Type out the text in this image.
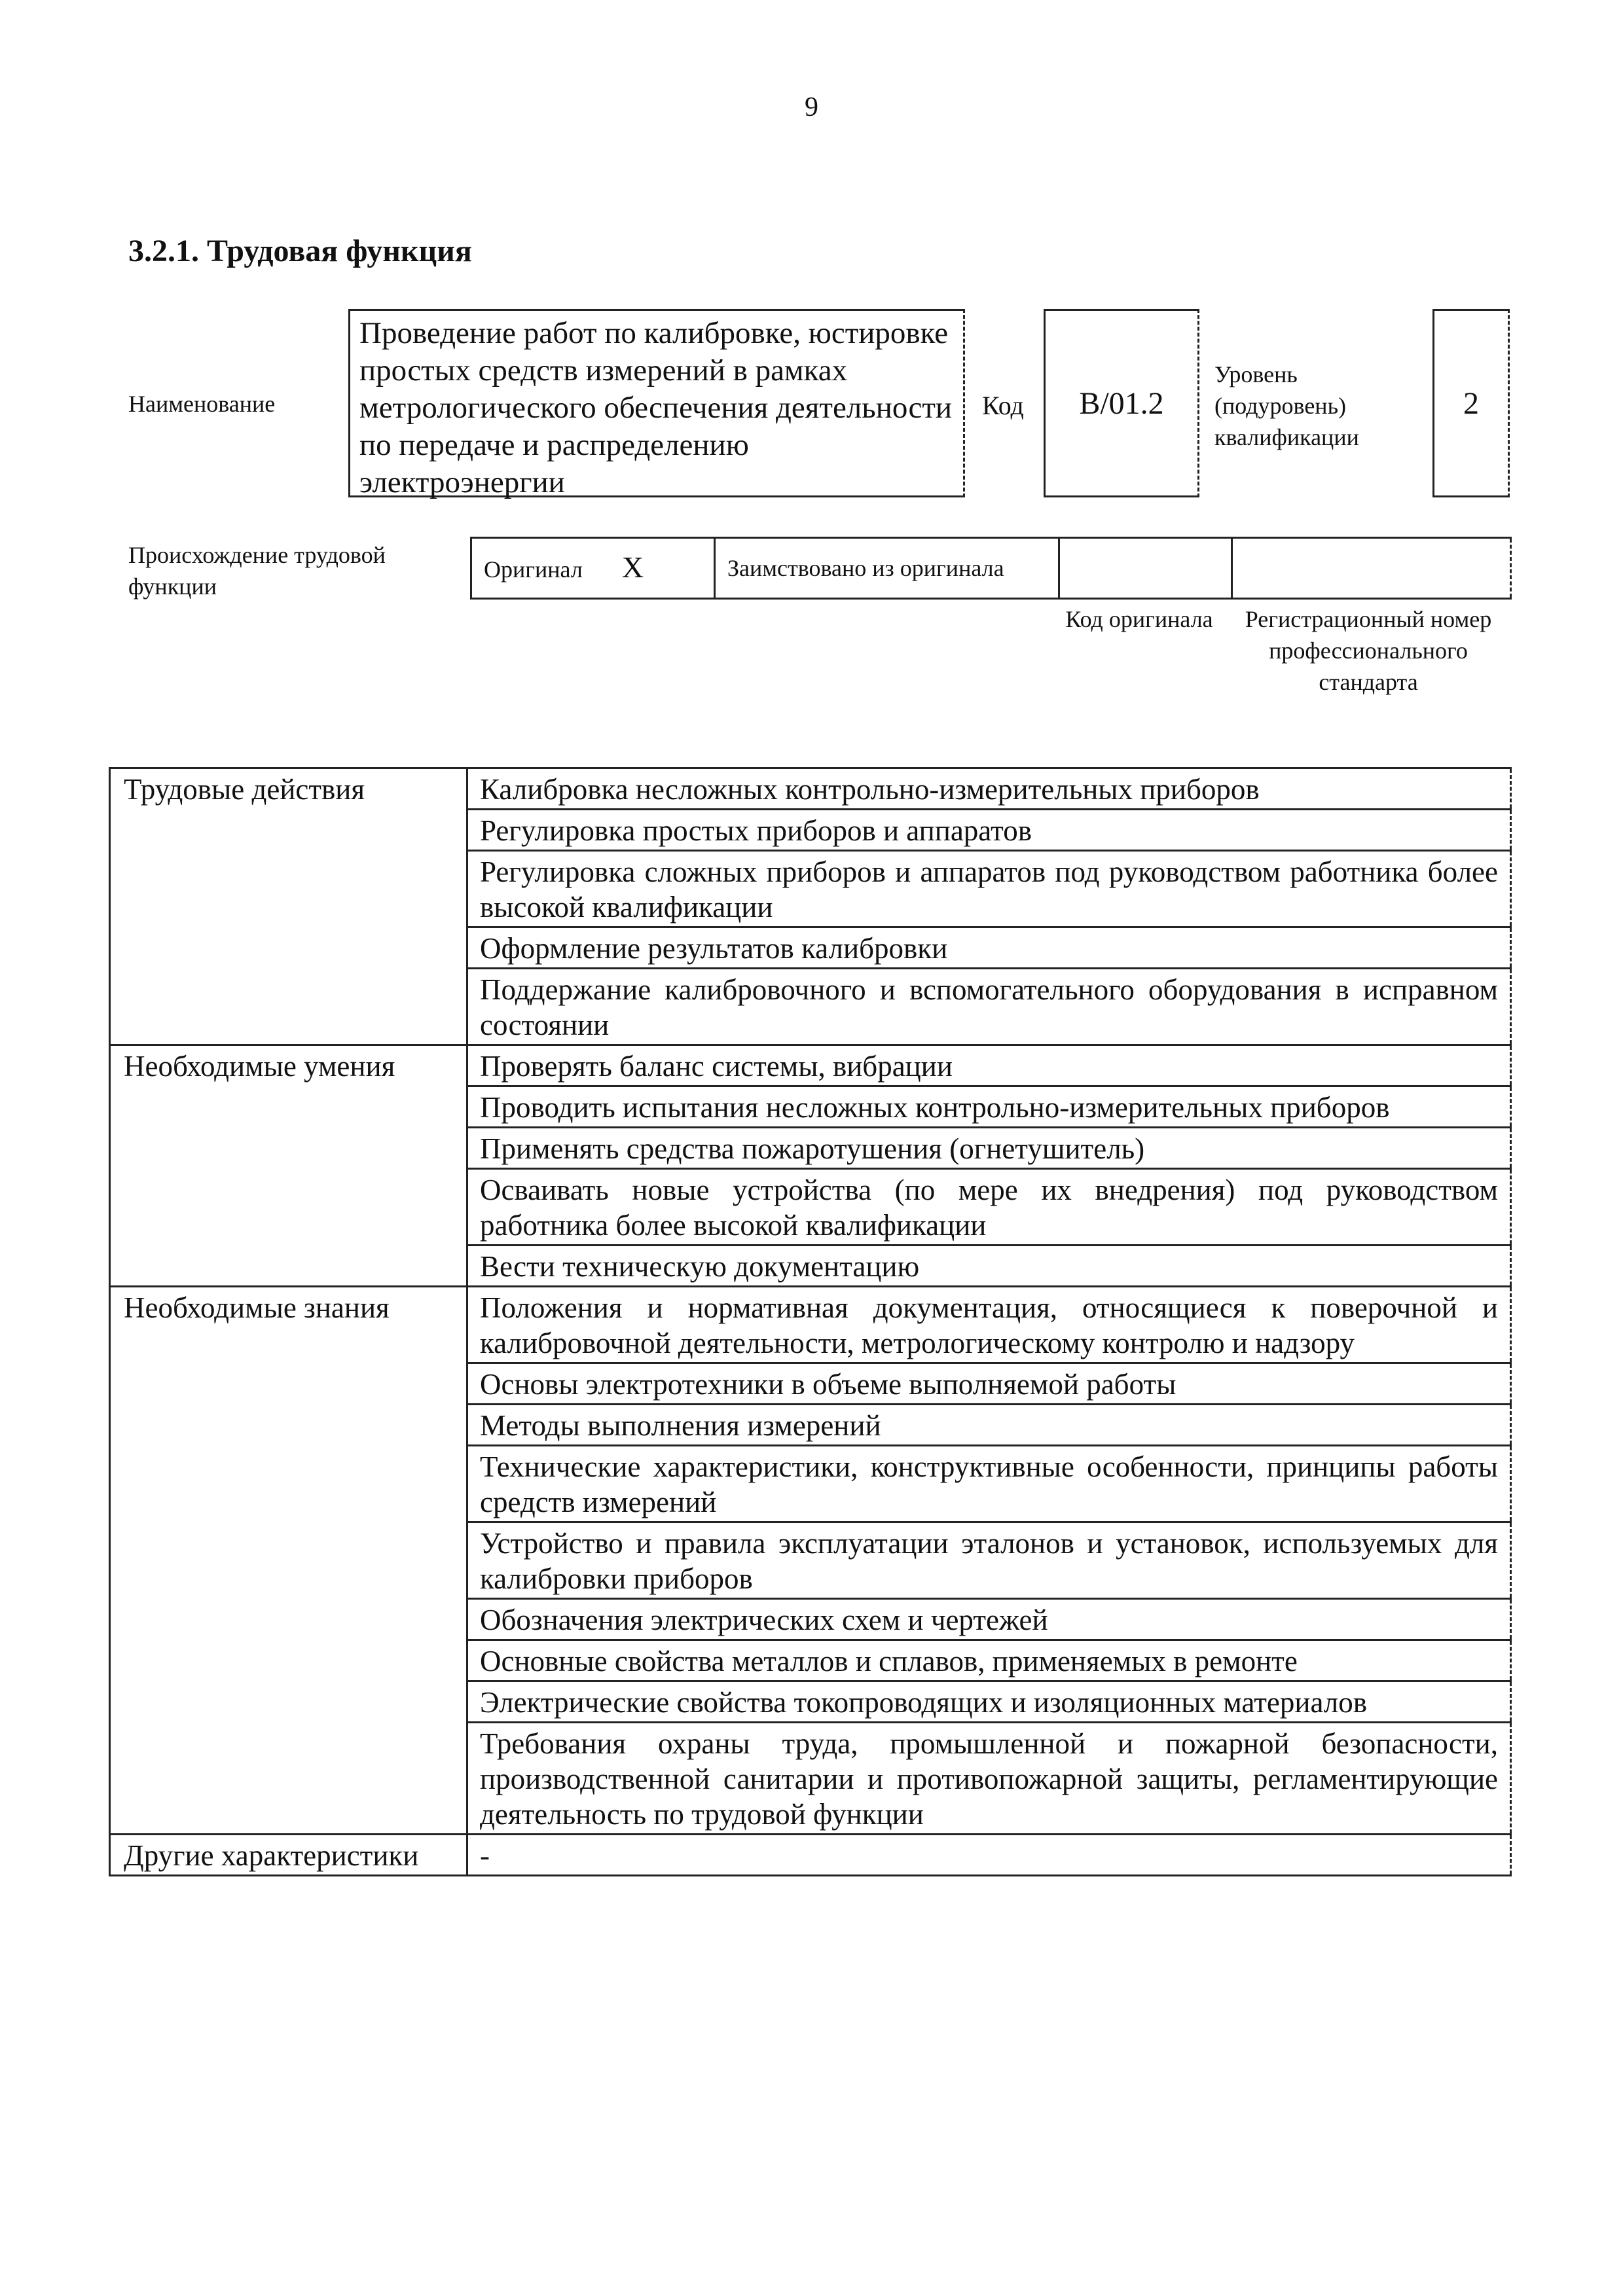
9
3.2.1. Трудовая функция
Наименование
Проведение работ по калибровке, юстировке простых средств измерений в рамках метрологического обеспечения деятельности по передаче и распределению электроэнергии
Код	B/01.2
Уровень (подуровень) квалификации
2
Происхождение трудовой функции
Оригинал X	Заимствовано из оригинала		
Код оригинала	Регистрационный номер профессионального стандарта
Трудовые действия	Калибровка несложных контрольно-измерительных приборов
	Регулировка простых приборов и аппаратов
	Регулировка сложных приборов и аппаратов под руководством работника более высокой квалификации
	Оформление результатов калибровки
	Поддержание калибровочного и вспомогательного оборудования в исправном состоянии
Необходимые умения	Проверять баланс системы, вибрации
	Проводить испытания несложных контрольно-измерительных приборов
	Применять средства пожаротушения (огнетушитель)
	Осваивать новые устройства (по мере их внедрения) под руководством работника более высокой квалификации
	Вести техническую документацию
Необходимые знания	Положения и нормативная документация, относящиеся к поверочной и калибровочной деятельности, метрологическому контролю и надзору
	Основы электротехники в объеме выполняемой работы
	Методы выполнения измерений
	Технические характеристики, конструктивные особенности, принципы работы средств измерений
	Устройство и правила эксплуатации эталонов и установок, используемых для калибровки приборов
	Обозначения электрических схем и чертежей
	Основные свойства металлов и сплавов, применяемых в ремонте
	Электрические свойства токопроводящих и изоляционных материалов
	Требования охраны труда, промышленной и пожарной безопасности, производственной санитарии и противопожарной защиты, регламентирующие деятельность по трудовой функции
Другие характеристики	-
